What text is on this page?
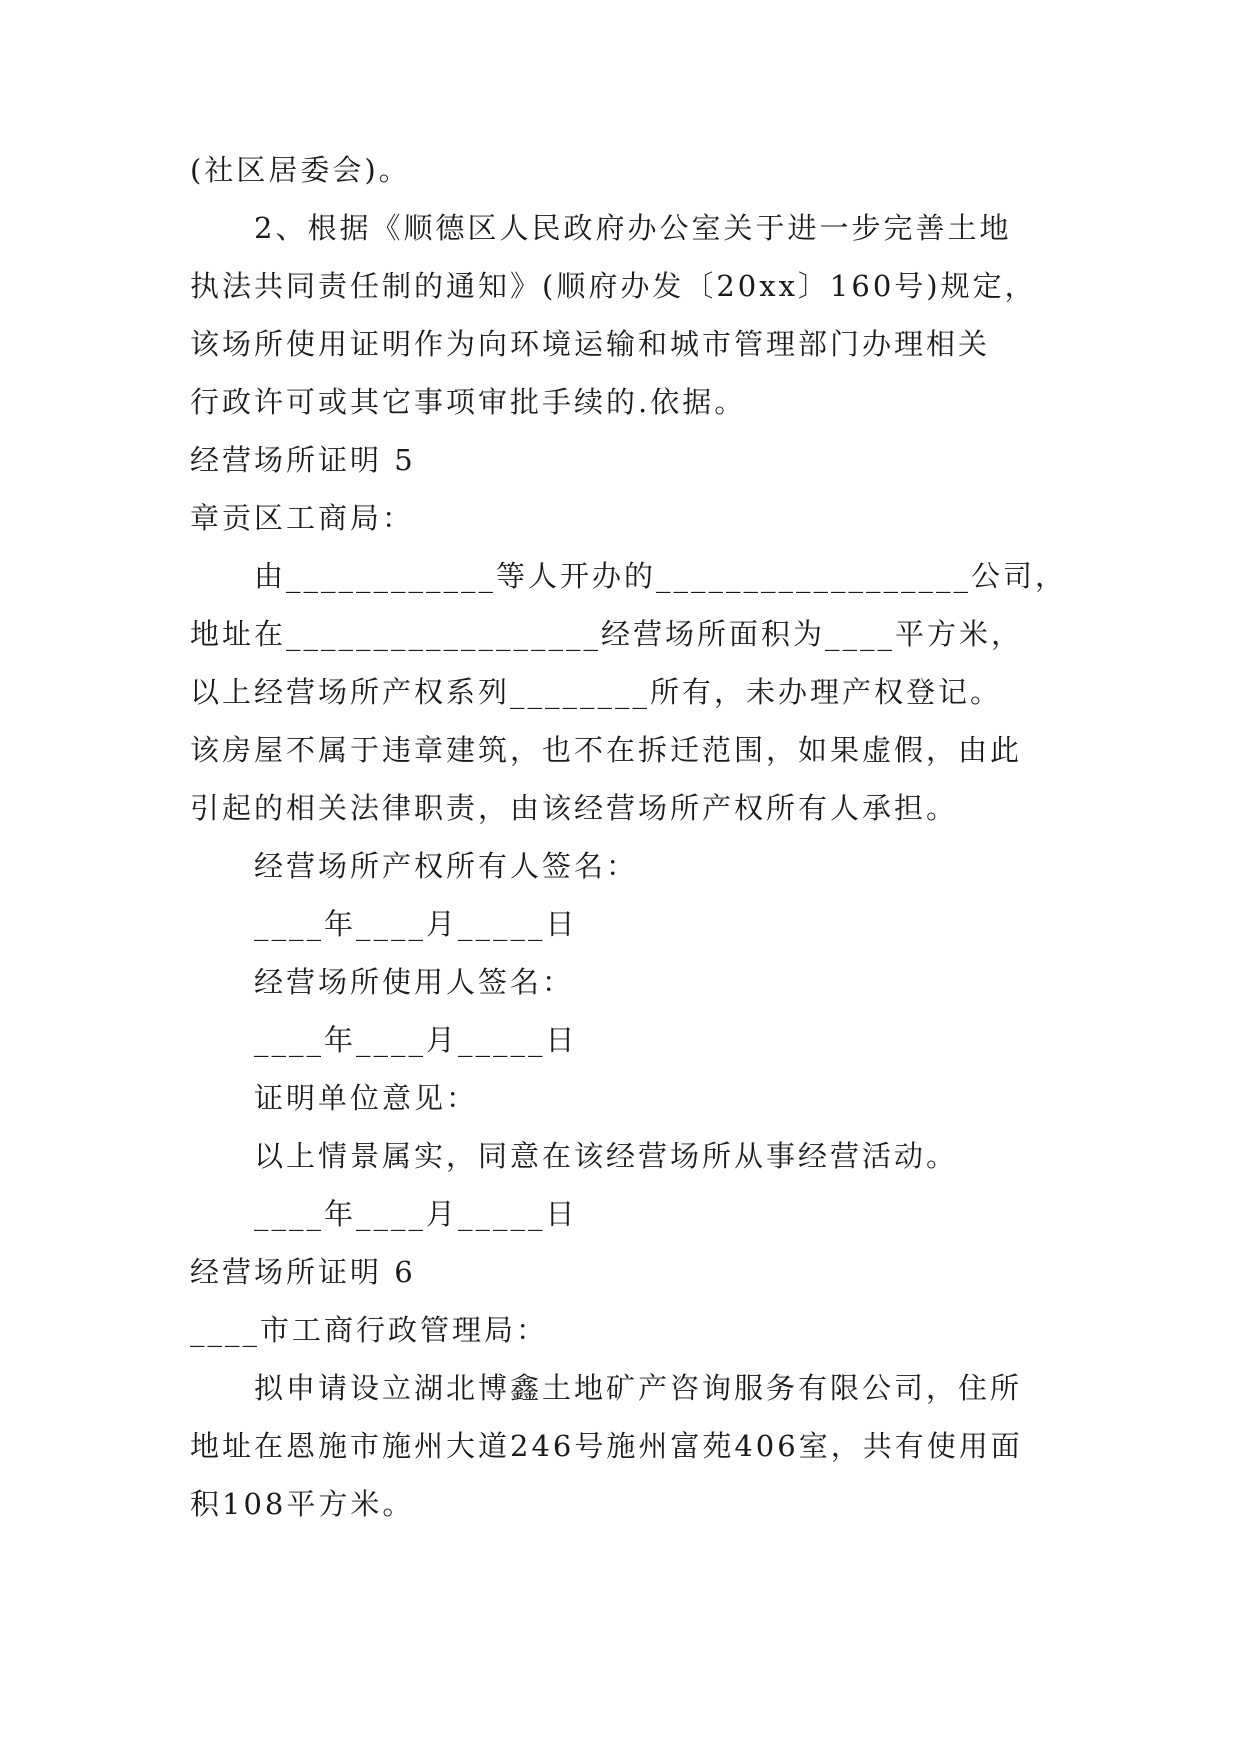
(社区居委会)。

2、根据《顺德区人民政府办公室关于进一步完善土地

执法共同责任制的通知》(顺府办发〔20xx〕160号)规定，

该场所使用证明作为向环境运输和城市管理部门办理相关

行政许可或其它事项审批手续的.依据。

经营场所证明 5

章贡区工商局：

由____________等人开办的__________________公司，

地址在__________________经营场所面积为____平方米，

以上经营场所产权系列________所有，未办理产权登记。

该房屋不属于违章建筑，也不在拆迁范围，如果虚假，由此

引起的相关法律职责，由该经营场所产权所有人承担。

经营场所产权所有人签名：

____年____月_____日

经营场所使用人签名：

____年____月_____日

证明单位意见：

以上情景属实，同意在该经营场所从事经营活动。

____年____月_____日

经营场所证明 6

____市工商行政管理局：

拟申请设立湖北博鑫土地矿产咨询服务有限公司，住所

地址在恩施市施州大道246号施州富苑406室，共有使用面

积108平方米。
